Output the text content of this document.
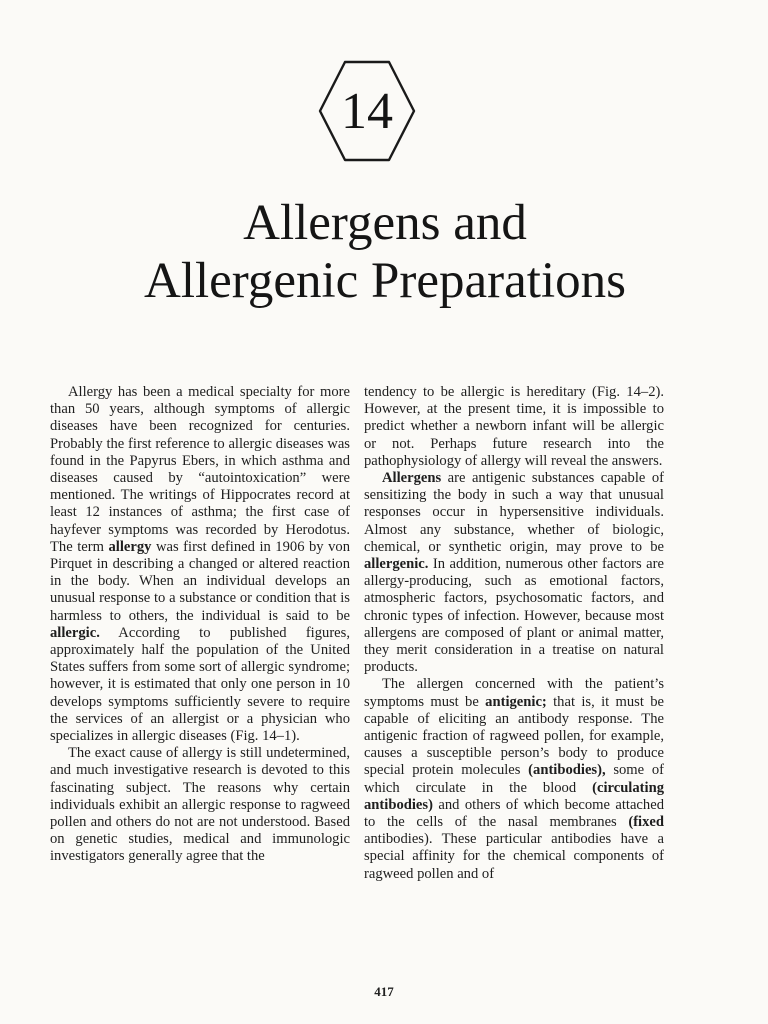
14
Allergens and
Allergenic Preparations

Allergy has been a medical specialty for more than 50 years, although symptoms of allergic diseases have been recognized for centuries. Probably the first reference to allergic diseases was found in the Papyrus Ebers, in which asthma and diseases caused by “autointoxication” were mentioned. The writings of Hippocrates record at least 12 instances of asthma; the first case of hayfever symptoms was recorded by Herodotus. The term allergy was first defined in 1906 by von Pirquet in describing a changed or altered reaction in the body. When an individual develops an unusual response to a substance or condition that is harmless to others, the individual is said to be allergic. According to published figures, approximately half the population of the United States suffers from some sort of allergic syndrome; however, it is estimated that only one person in 10 develops symptoms sufficiently severe to require the services of an allergist or a physician who specializes in allergic diseases (Fig. 14–1).

The exact cause of allergy is still undetermined, and much investigative research is devoted to this fascinating subject. The reasons why certain individuals exhibit an allergic response to ragweed pollen and others do not are not understood. Based on genetic studies, medical and immunologic investigators generally agree that the

tendency to be allergic is hereditary (Fig. 14–2). However, at the present time, it is impossible to predict whether a newborn infant will be allergic or not. Perhaps future research into the pathophysiology of allergy will reveal the answers.

Allergens are antigenic substances capable of sensitizing the body in such a way that unusual responses occur in hypersensitive individuals. Almost any substance, whether of biologic, chemical, or synthetic origin, may prove to be allergenic. In addition, numerous other factors are allergy-producing, such as emotional factors, atmospheric factors, psychosomatic factors, and chronic types of infection. However, because most allergens are composed of plant or animal matter, they merit consideration in a treatise on natural products.

The allergen concerned with the patient’s symptoms must be antigenic; that is, it must be capable of eliciting an antibody response. The antigenic fraction of ragweed pollen, for example, causes a susceptible person’s body to produce special protein molecules (antibodies), some of which circulate in the blood (circulating antibodies) and others of which become attached to the cells of the nasal membranes (fixed antibodies). These particular antibodies have a special affinity for the chemical components of ragweed pollen and of

417
